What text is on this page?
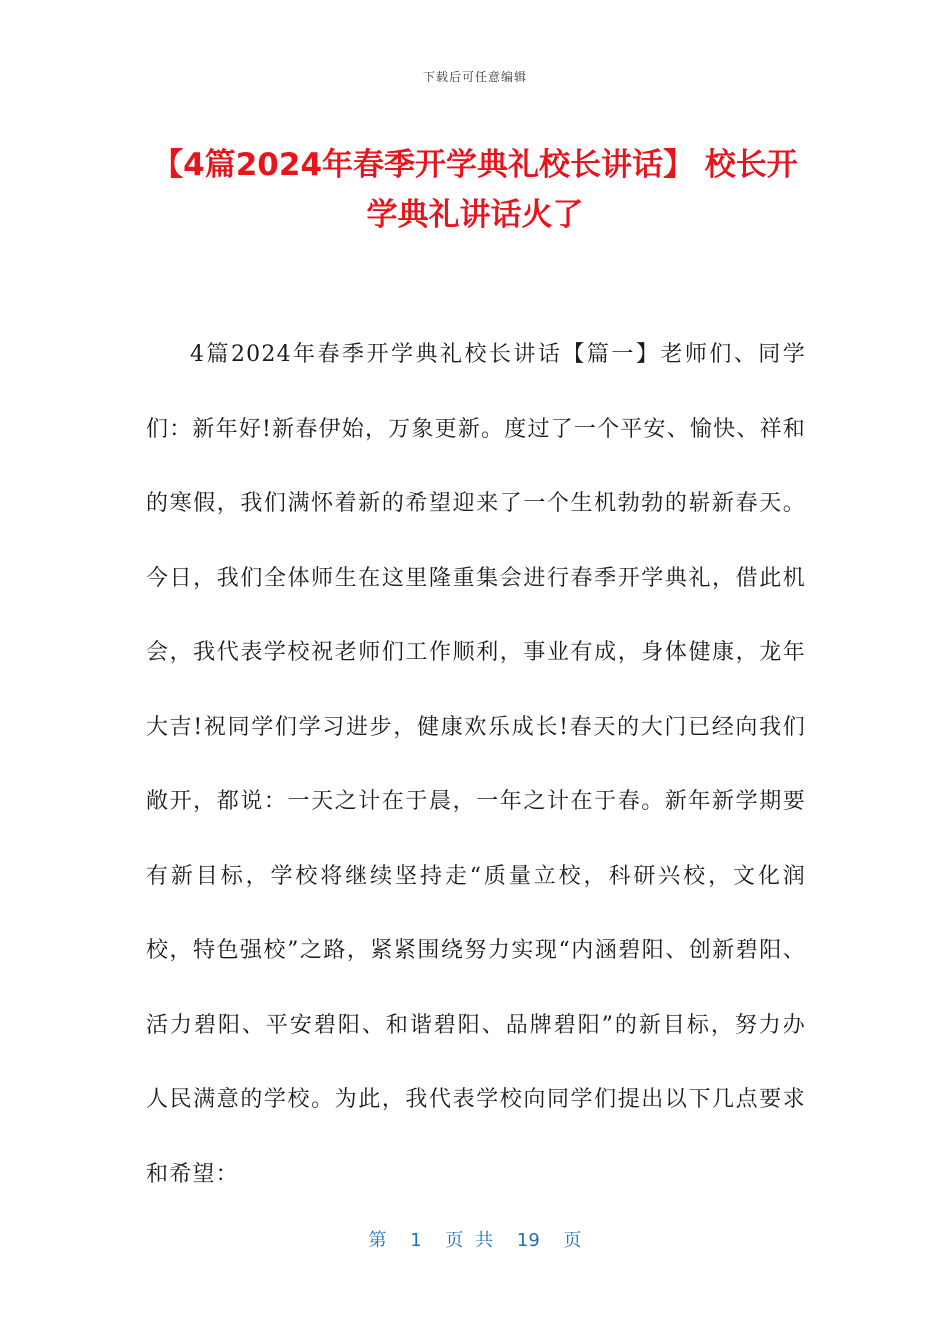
下载后可任意编辑
【4篇2024年春季开学典礼校长讲话】 校长开学典礼讲话火了

4篇2024年春季开学典礼校长讲话【篇一】老师们、同学们：新年好!新春伊始，万象更新。度过了一个平安、愉快、祥和的寒假，我们满怀着新的希望迎来了一个生机勃勃的崭新春天。今日，我们全体师生在这里隆重集会进行春季开学典礼，借此机会，我代表学校祝老师们工作顺利，事业有成，身体健康，龙年大吉!祝同学们学习进步，健康欢乐成长!春天的大门已经向我们敞开，都说：一天之计在于晨，一年之计在于春。新年新学期要有新目标，学校将继续坚持走“质量立校，科研兴校，文化润校，特色强校”之路，紧紧围绕努力实现“内涵碧阳、创新碧阳、活力碧阳、平安碧阳、和谐碧阳、品牌碧阳”的新目标，努力办人民满意的学校。为此，我代表学校向同学们提出以下几点要求和希望：

第 1 页 共 19 页
